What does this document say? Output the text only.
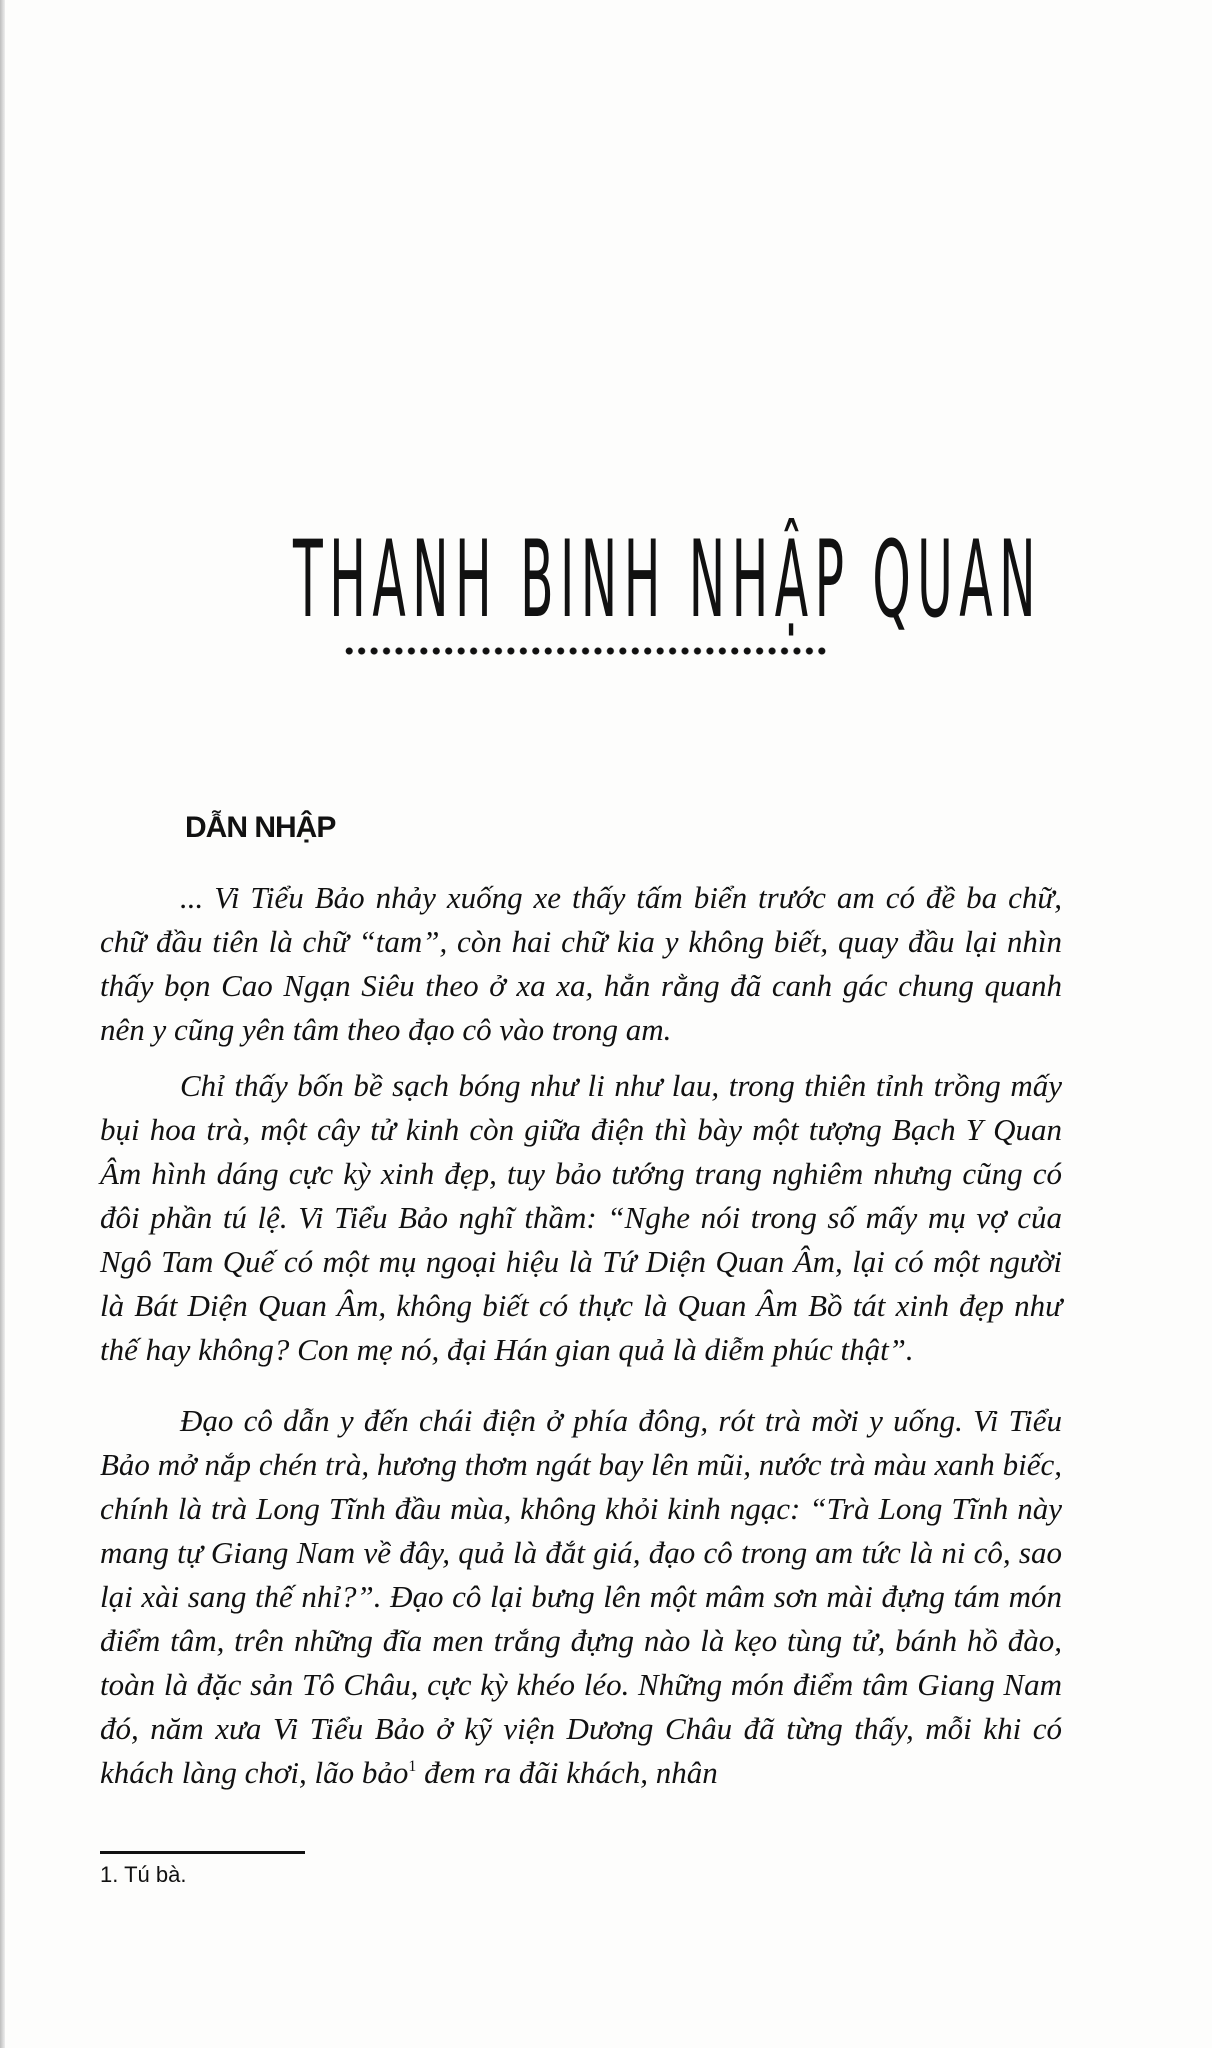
THANH BINH NHẬP QUAN
DẪN NHẬP

... Vi Tiểu Bảo nhảy xuống xe thấy tấm biển trước am có đề ba chữ, chữ đầu tiên là chữ “tam”, còn hai chữ kia y không biết, quay đầu lại nhìn thấy bọn Cao Ngạn Siêu theo ở xa xa, hẳn rằng đã canh gác chung quanh nên y cũng yên tâm theo đạo cô vào trong am.

Chỉ thấy bốn bề sạch bóng như li như lau, trong thiên tỉnh trồng mấy bụi hoa trà, một cây tử kinh còn giữa điện thì bày một tượng Bạch Y Quan Âm hình dáng cực kỳ xinh đẹp, tuy bảo tướng trang nghiêm nhưng cũng có đôi phần tú lệ. Vi Tiểu Bảo nghĩ thầm: “Nghe nói trong số mấy mụ vợ của Ngô Tam Quế có một mụ ngoại hiệu là Tứ Diện Quan Âm, lại có một người là Bát Diện Quan Âm, không biết có thực là Quan Âm Bồ tát xinh đẹp như thế hay không? Con mẹ nó, đại Hán gian quả là diễm phúc thật”.

Đạo cô dẫn y đến chái điện ở phía đông, rót trà mời y uống. Vi Tiểu Bảo mở nắp chén trà, hương thơm ngát bay lên mũi, nước trà màu xanh biếc, chính là trà Long Tĩnh đầu mùa, không khỏi kinh ngạc: “Trà Long Tĩnh này mang tự Giang Nam về đây, quả là đắt giá, đạo cô trong am tức là ni cô, sao lại xài sang thế nhỉ?”. Đạo cô lại bưng lên một mâm sơn mài đựng tám món điểm tâm, trên những đĩa men trắng đựng nào là kẹo tùng tử, bánh hồ đào, toàn là đặc sản Tô Châu, cực kỳ khéo léo. Những món điểm tâm Giang Nam đó, năm xưa Vi Tiểu Bảo ở kỹ viện Dương Châu đã từng thấy, mỗi khi có khách làng chơi, lão bảo$^1$ đem ra đãi khách, nhân

1. Tú bà.
